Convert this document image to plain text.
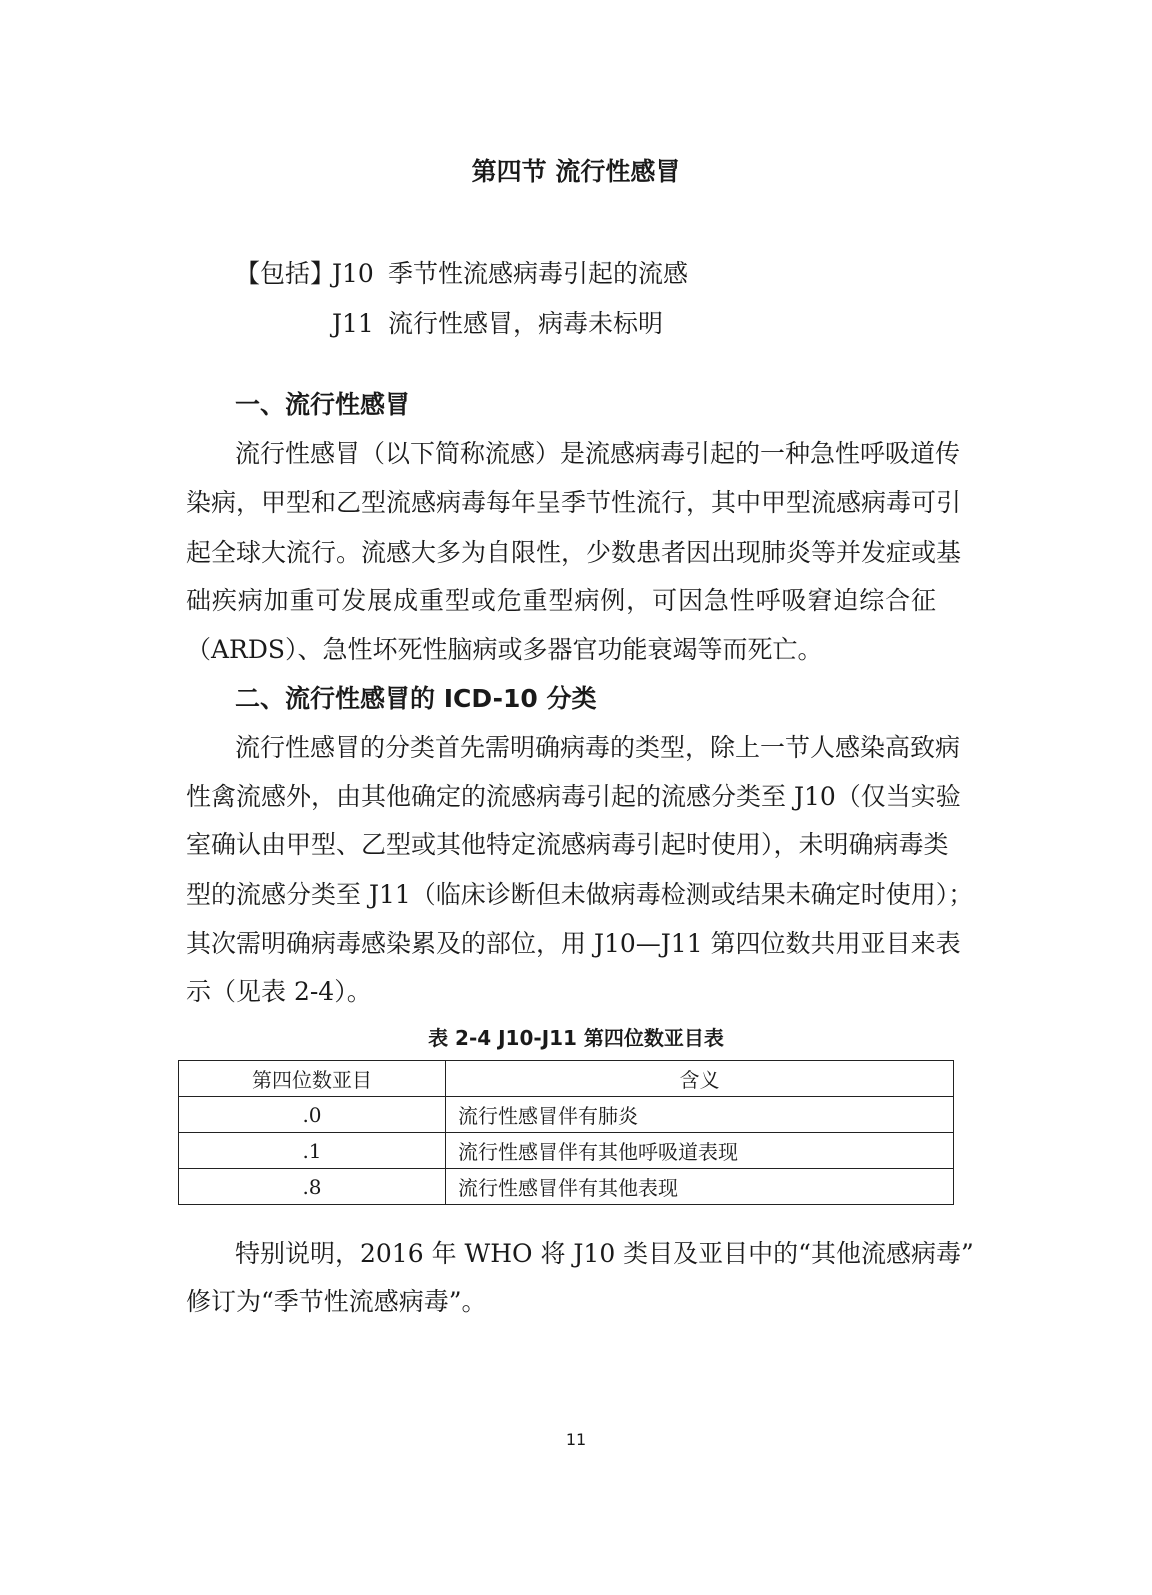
第四节 流行性感冒
【包括】J10 季节性流感病毒引起的流感
J11 流行性感冒，病毒未标明
一、流行性感冒
流行性感冒（以下简称流感）是流感病毒引起的一种急性呼吸道传
染病，甲型和乙型流感病毒每年呈季节性流行，其中甲型流感病毒可引
起全球大流行。流感大多为自限性，少数患者因出现肺炎等并发症或基
础疾病加重可发展成重型或危重型病例，可因急性呼吸窘迫综合征
（ARDS）、急性坏死性脑病或多器官功能衰竭等而死亡。
二、流行性感冒的 ICD-10 分类
流行性感冒的分类首先需明确病毒的类型，除上一节人感染高致病
性禽流感外，由其他确定的流感病毒引起的流感分类至 J10（仅当实验
室确认由甲型、乙型或其他特定流感病毒引起时使用），未明确病毒类
型的流感分类至 J11（临床诊断但未做病毒检测或结果未确定时使用）；
其次需明确病毒感染累及的部位，用 J10—J11 第四位数共用亚目来表
示（见表 2-4）。
表 2-4 J10-J11 第四位数亚目表
第四位数亚目	含义
.0	流行性感冒伴有肺炎
.1	流行性感冒伴有其他呼吸道表现
.8	流行性感冒伴有其他表现
特别说明，2016 年 WHO 将 J10 类目及亚目中的“其他流感病毒”
修订为“季节性流感病毒”。
11
